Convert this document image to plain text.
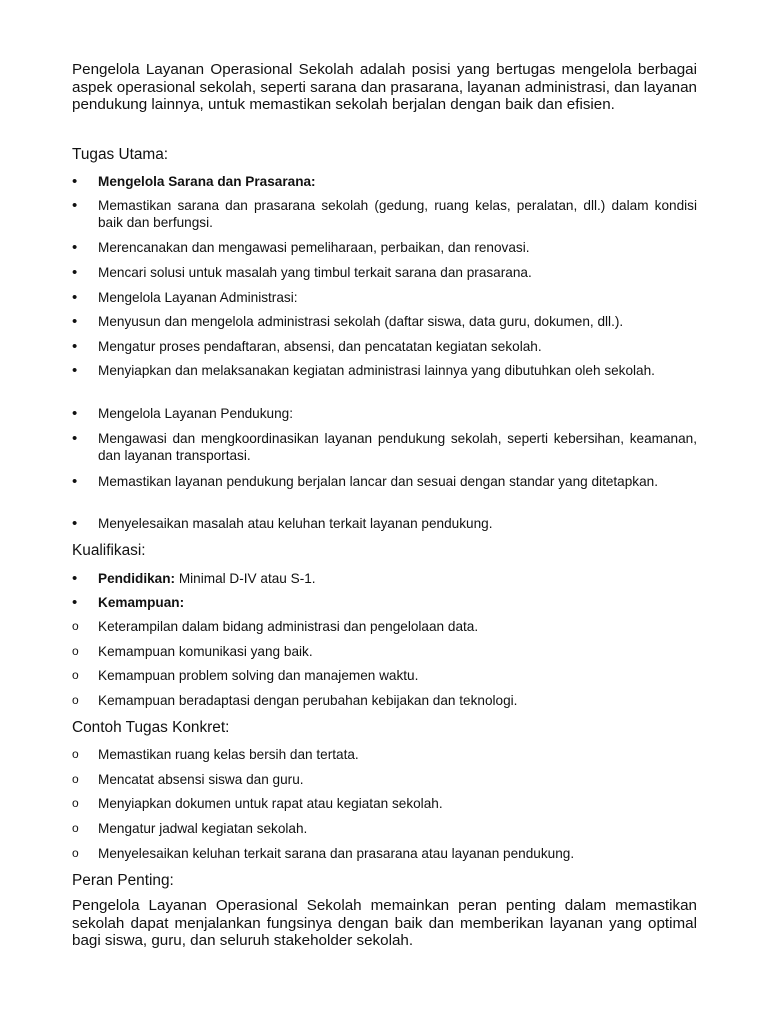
Pengelola Layanan Operasional Sekolah adalah posisi yang bertugas mengelola berbagai aspek operasional sekolah, seperti sarana dan prasarana, layanan administrasi, dan layanan pendukung lainnya, untuk memastikan sekolah berjalan dengan baik dan efisien.

Tugas Utama:
•	Mengelola Sarana dan Prasarana:
•	Memastikan sarana dan prasarana sekolah (gedung, ruang kelas, peralatan, dll.) dalam kondisi baik dan berfungsi.
•	Merencanakan dan mengawasi pemeliharaan, perbaikan, dan renovasi.
•	Mencari solusi untuk masalah yang timbul terkait sarana dan prasarana.
•	Mengelola Layanan Administrasi:
•	Menyusun dan mengelola administrasi sekolah (daftar siswa, data guru, dokumen, dll.).
•	Mengatur proses pendaftaran, absensi, dan pencatatan kegiatan sekolah.
•	Menyiapkan dan melaksanakan kegiatan administrasi lainnya yang dibutuhkan oleh sekolah.
•	Mengelola Layanan Pendukung:
•	Mengawasi dan mengkoordinasikan layanan pendukung sekolah, seperti kebersihan, keamanan, dan layanan transportasi.
•	Memastikan layanan pendukung berjalan lancar dan sesuai dengan standar yang ditetapkan.
•	Menyelesaikan masalah atau keluhan terkait layanan pendukung.
Kualifikasi:
•	Pendidikan: Minimal D-IV atau S-1.
•	Kemampuan:
o	Keterampilan dalam bidang administrasi dan pengelolaan data.
o	Kemampuan komunikasi yang baik.
o	Kemampuan problem solving dan manajemen waktu.
o	Kemampuan beradaptasi dengan perubahan kebijakan dan teknologi.
Contoh Tugas Konkret:
o	Memastikan ruang kelas bersih dan tertata.
o	Mencatat absensi siswa dan guru.
o	Menyiapkan dokumen untuk rapat atau kegiatan sekolah.
o	Mengatur jadwal kegiatan sekolah.
o	Menyelesaikan keluhan terkait sarana dan prasarana atau layanan pendukung.
Peran Penting:

Pengelola Layanan Operasional Sekolah memainkan peran penting dalam memastikan sekolah dapat menjalankan fungsinya dengan baik dan memberikan layanan yang optimal bagi siswa, guru, dan seluruh stakeholder sekolah.
